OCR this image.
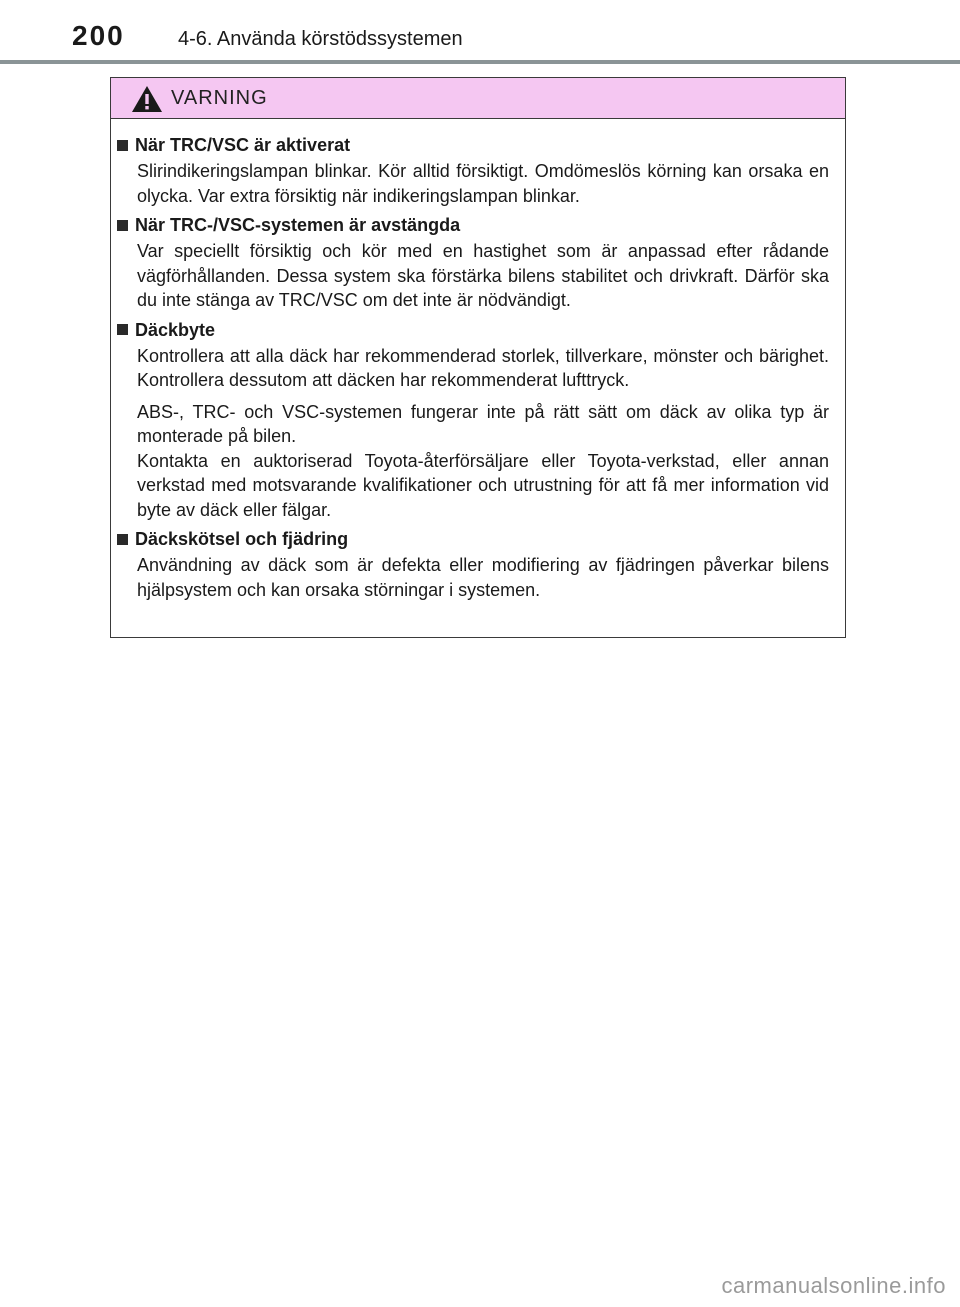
200	4-6. Använda körstödssystemen
VARNING
När TRC/VSC är aktiverat

Slirindikeringslampan blinkar. Kör alltid försiktigt. Omdömeslös körning kan orsaka en olycka. Var extra försiktig när indikeringslampan blinkar.

När TRC-/VSC-systemen är avstängda

Var speciellt försiktig och kör med en hastighet som är anpassad efter rådande vägförhållanden. Dessa system ska förstärka bilens stabilitet och drivkraft. Därför ska du inte stänga av TRC/VSC om det inte är nödvändigt.

Däckbyte

Kontrollera att alla däck har rekommenderad storlek, tillverkare, mönster och bärighet. Kontrollera dessutom att däcken har rekommenderat lufttryck.

ABS-, TRC- och VSC-systemen fungerar inte på rätt sätt om däck av olika typ är monterade på bilen.
Kontakta en auktoriserad Toyota-återförsäljare eller Toyota-verkstad, eller annan verkstad med motsvarande kvalifikationer och utrustning för att få mer information vid byte av däck eller fälgar.

Däckskötsel och fjädring

Användning av däck som är defekta eller modifiering av fjädringen påverkar bilens hjälpsystem och kan orsaka störningar i systemen.

carmanualsonline.info
